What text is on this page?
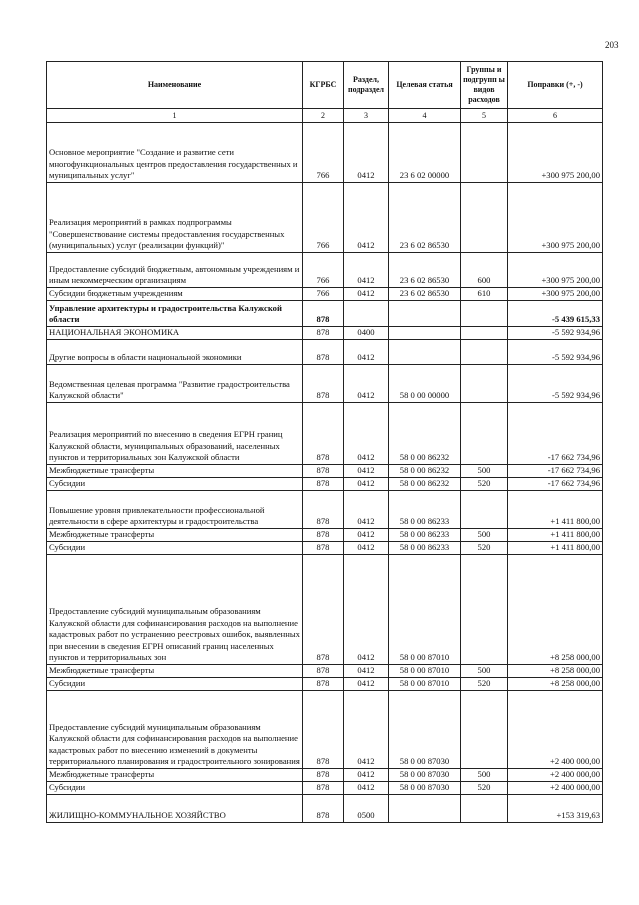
203
Наименование	КГРБС	Раздел, подраздел	Целевая статья	Группы и подгрупп ы видов расходов	Поправки (+, -)
1	2	3	4	5	6
Основное мероприятие "Создание и развитие сети многофункциональных центров предоставления государственных и муниципальных услуг"	766	0412	23 6 02 00000		+300 975 200,00
Реализация мероприятий в рамках подпрограммы "Совершенствование системы предоставления государственных (муниципальных) услуг (реализации функций)"	766	0412	23 6 02 86530		+300 975 200,00
Предоставление субсидий бюджетным, автономным учреждениям и иным некоммерческим организациям	766	0412	23 6 02 86530	600	+300 975 200,00
Субсидии бюджетным учреждениям	766	0412	23 6 02 86530	610	+300 975 200,00
Управление архитектуры и градостроительства Калужской области	878				-5 439 615,33
НАЦИОНАЛЬНАЯ ЭКОНОМИКА	878	0400			-5 592 934,96
Другие вопросы в области национальной экономики	878	0412			-5 592 934,96
Ведомственная целевая программа "Развитие градостроительства Калужской области"	878	0412	58 0 00 00000		-5 592 934,96
Реализация мероприятий по внесению в сведения ЕГРН границ Калужской области, муниципальных образований, населенных пунктов и территориальных зон Калужской области	878	0412	58 0 00 86232		-17 662 734,96
Межбюджетные трансферты	878	0412	58 0 00 86232	500	-17 662 734,96
Субсидии	878	0412	58 0 00 86232	520	-17 662 734,96
Повышение уровня привлекательности профессиональной деятельности в сфере архитектуры и градостроительства	878	0412	58 0 00 86233		+1 411 800,00
Межбюджетные трансферты	878	0412	58 0 00 86233	500	+1 411 800,00
Субсидии	878	0412	58 0 00 86233	520	+1 411 800,00
Предоставление субсидий муниципальным образованиям Калужской области для софинансирования расходов на выполнение кадастровых работ по устранению реестровых ошибок, выявленных при внесении в сведения ЕГРН описаний границ населенных пунктов и территориальных зон	878	0412	58 0 00 87010		+8 258 000,00
Межбюджетные трансферты	878	0412	58 0 00 87010	500	+8 258 000,00
Субсидии	878	0412	58 0 00 87010	520	+8 258 000,00
Предоставление субсидий муниципальным образованиям Калужской области для софинансирования расходов на выполнение кадастровых работ по внесению изменений в документы территориального планирования и градостроительного зонирования	878	0412	58 0 00 87030		+2 400 000,00
Межбюджетные трансферты	878	0412	58 0 00 87030	500	+2 400 000,00
Субсидии	878	0412	58 0 00 87030	520	+2 400 000,00
ЖИЛИЩНО-КОММУНАЛЬНОЕ ХОЗЯЙСТВО	878	0500			+153 319,63
